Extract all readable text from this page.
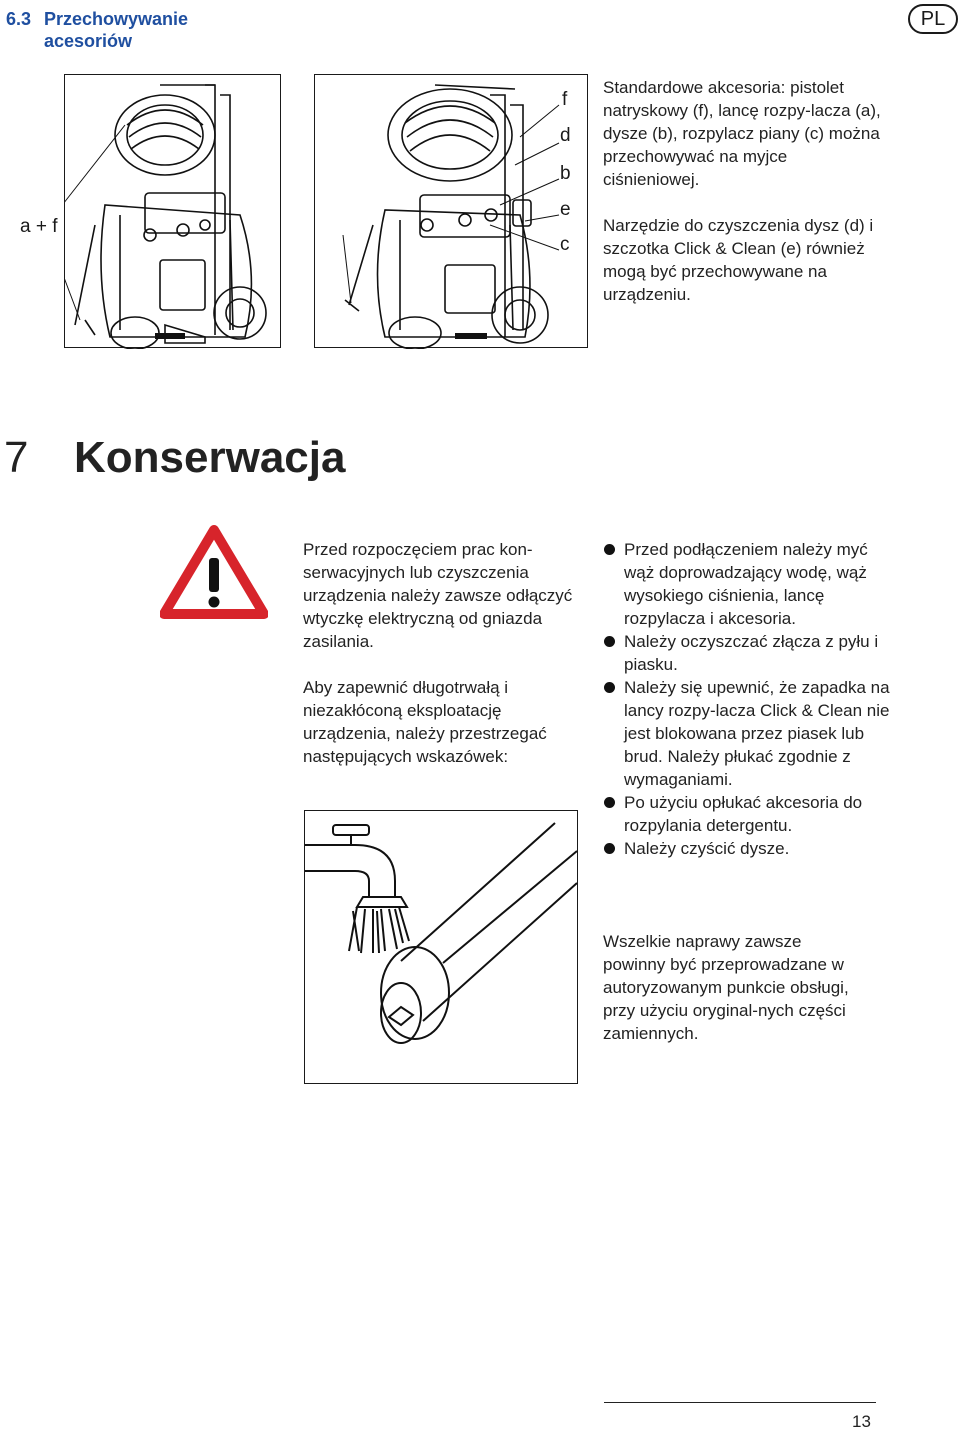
6.3 Przechowywanie
acesoriów
PL
a + f
f
d
b
e
c

Standardowe akcesoria: pistolet natryskowy (f), lancę rozpy-lacza (a), dysze (b), rozpylacz piany (c) można przechowywać na myjce ciśnieniowej.

Narzędzie do czyszczenia dysz (d) i szczotka Click & Clean (e) również mogą być przechowywane na urządzeniu.

7 Konserwacja

Przed rozpoczęciem prac kon-serwacyjnych lub czyszczenia urządzenia należy zawsze odłączyć wtyczkę elektryczną od gniazda zasilania.

Aby zapewnić długotrwałą i niezakłóconą eksploatację urządzenia, należy przestrzegać następujących wskazówek:

Przed podłączeniem należy myć wąż doprowadzający wodę, wąż wysokiego ciśnienia, lancę rozpylacza i akcesoria.
Należy oczyszczać złącza z pyłu i piasku.
Należy się upewnić, że zapadka na lancy rozpy-lacza Click & Clean nie jest blokowana przez piasek lub brud. Należy płukać zgodnie z wymaganiami.
Po użyciu opłukać akcesoria do rozpylania detergentu.
Należy czyścić dysze.

Wszelkie naprawy zawsze powinny być przeprowadzane w autoryzowanym punkcie obsługi, przy użyciu oryginal-nych części zamiennych.

13
